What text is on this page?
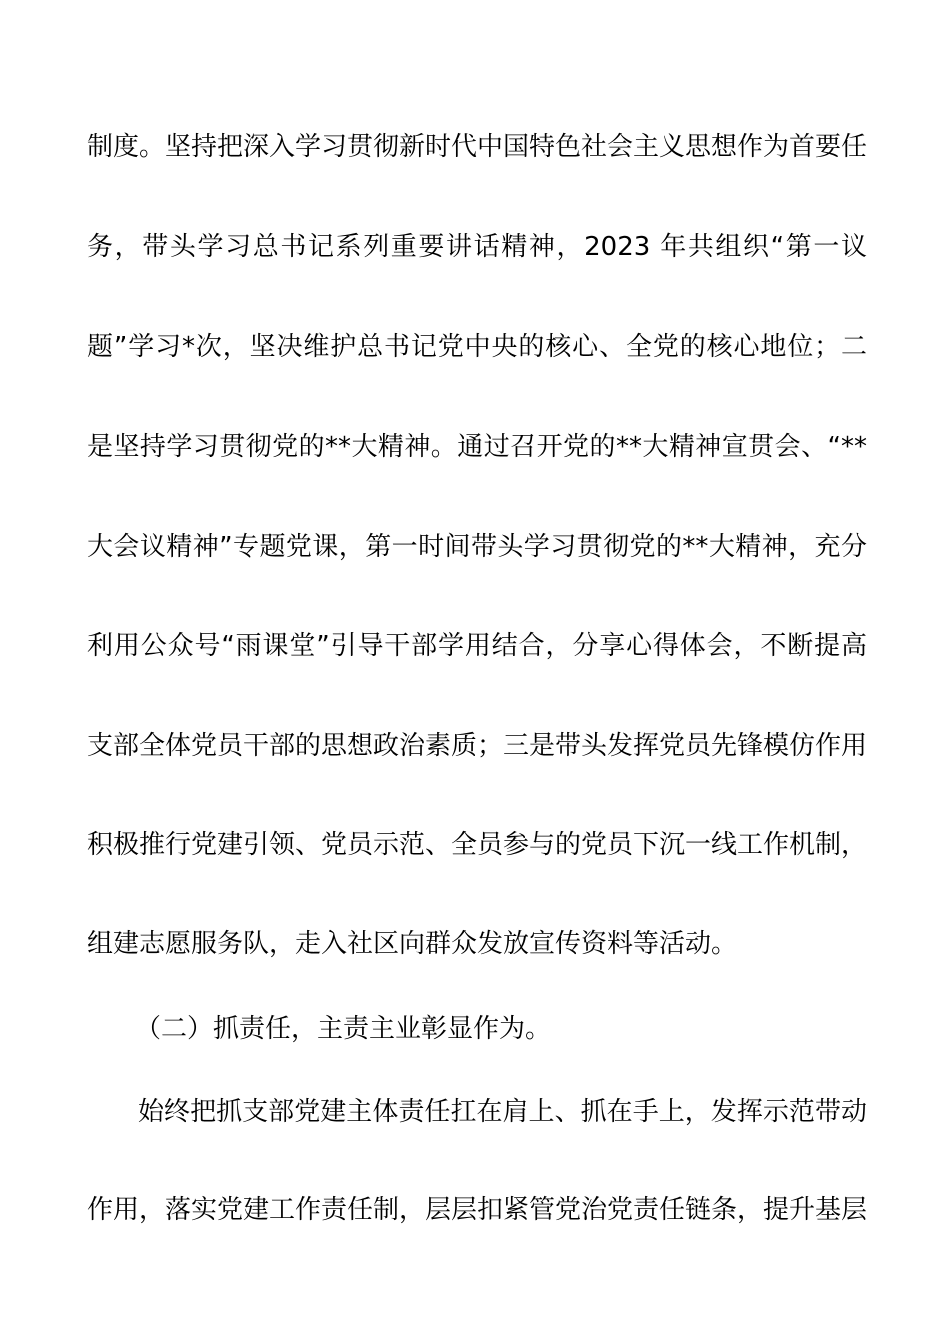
制度。坚持把深入学习贯彻新时代中国特色社会主义思想作为首要任
务，带头学习总书记系列重要讲话精神，2023 年共组织“第一议
题”学习*次，坚决维护总书记党中央的核心、全党的核心地位；二
是坚持学习贯彻党的**大精神。通过召开党的**大精神宣贯会、“**
大会议精神”专题党课，第一时间带头学习贯彻党的**大精神，充分
利用公众号“雨课堂”引导干部学用结合，分享心得体会，不断提高
支部全体党员干部的思想政治素质；三是带头发挥党员先锋模仿作用
积极推行党建引领、党员示范、全员参与的党员下沉一线工作机制，
组建志愿服务队，走入社区向群众发放宣传资料等活动。
（二）抓责任，主责主业彰显作为。
始终把抓支部党建主体责任扛在肩上、抓在手上，发挥示范带动
作用，落实党建工作责任制，层层扣紧管党治党责任链条，提升基层
